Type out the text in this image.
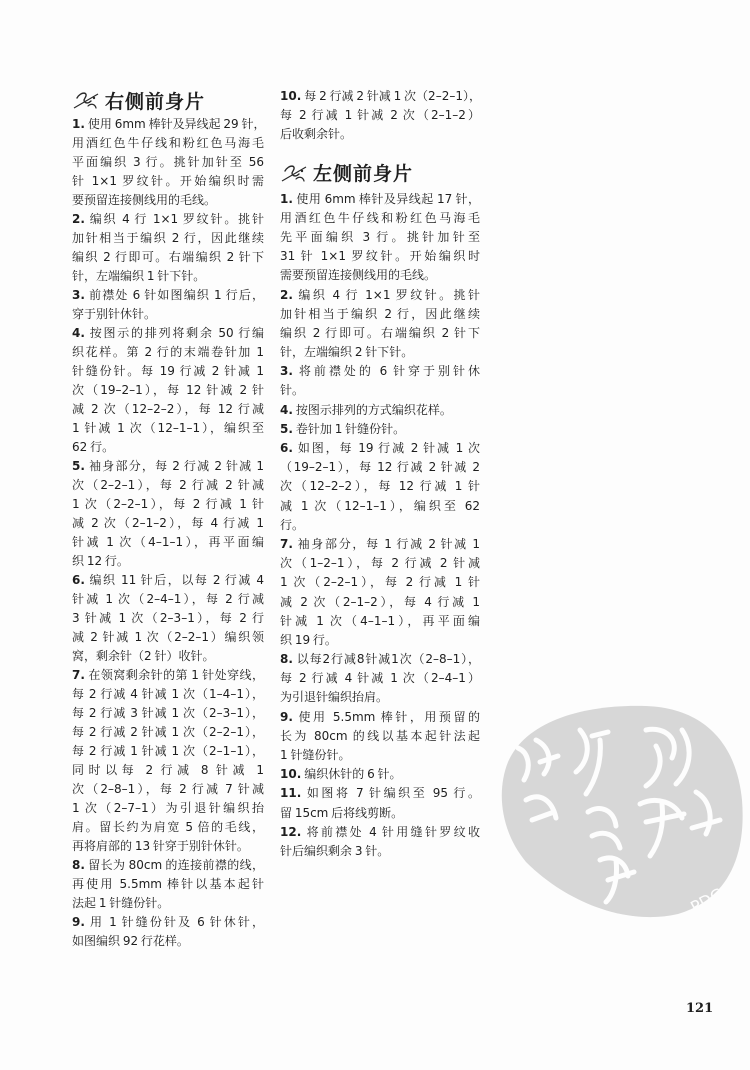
右侧前身片
1. 使用 6mm 棒针及异线起 29 针，
用酒红色牛仔线和粉红色马海毛
平面编织 3 行。挑针加针至 56
针 1×1 罗纹针。开始编织时需
要预留连接侧线用的毛线。
2. 编织 4 行 1×1 罗纹针。挑针
加针相当于编织 2 行，因此继续
编织 2 行即可。右端编织 2 针下
针，左端编织 1 针下针。
3. 前襟处 6 针如图编织 1 行后，
穿于别针休针。
4. 按图示的排列将剩余 50 行编
织花样。第 2 行的末端卷针加 1
针缝份针。每 19 行减 2 针减 1
次（19–2–1），每 12 针减 2 针
减 2 次（12–2–2），每 12 行减
1 针减 1 次（12–1–1），编织至
62 行。
5. 袖身部分，每 2 行减 2 针减 1
次（2–2–1），每 2 行减 2 针减
1 次（2–2–1），每 2 行减 1 针
减 2 次（2–1–2），每 4 行减 1
针减 1 次（4–1–1），再平面编
织 12 行。
6. 编织 11 针后，以每 2 行减 4
针减 1 次（2–4–1），每 2 行减
3 针减 1 次（2–3–1），每 2 行
减 2 针减 1 次（2–2–1）编织领
窝，剩余针（2 针）收针。
7. 在领窝剩余针的第 1 针处穿线，
每 2 行减 4 针减 1 次（1–4–1），
每 2 行减 3 针减 1 次（2–3–1），
每 2 行减 2 针减 1 次（2–2–1），
每 2 行减 1 针减 1 次（2–1–1），
同时以每 2 行减 8 针减 1
次（2–8–1），每 2 行减 7 针减
1 次（2–7–1）为引退针编织抬
肩。留长约为肩宽 5 倍的毛线，
再将肩部的 13 针穿于别针休针。
8. 留长为 80cm 的连接前襟的线，
再使用 5.5mm 棒针以基本起针
法起 1 针缝份针。
9. 用 1 针缝份针及 6 针休针，
如图编织 92 行花样。
10. 每 2 行减 2 针减 1 次（2–2–1），
每 2 行减 1 针减 2 次（2–1–2）
后收剩余针。
左侧前身片
1. 使用 6mm 棒针及异线起 17 针，
用酒红色牛仔线和粉红色马海毛
先平面编织 3 行。挑针加针至
31 针 1×1 罗纹针。开始编织时
需要预留连接侧线用的毛线。
2. 编织 4 行 1×1 罗纹针。挑针
加针相当于编织 2 行，因此继续
编织 2 行即可。右端编织 2 针下
针，左端编织 2 针下针。
3. 将前襟处的 6 针穿于别针休
针。
4. 按图示排列的方式编织花样。
5. 卷针加 1 针缝份针。
6. 如图，每 19 行减 2 针减 1 次
（19–2–1），每 12 行减 2 针减 2
次（12–2–2），每 12 行减 1 针
减 1 次（12–1–1），编织至 62
行。
7. 袖身部分，每 1 行减 2 针减 1
次（1–2–1），每 2 行减 2 针减
1 次（2–2–1），每 2 行减 1 针
减 2 次（2–1–2），每 4 行减 1
针减 1 次（4–1–1），再平面编
织 19 行。
8. 以每2行减8针减1次（2–8–1），
每 2 行减 4 针减 1 次（2–4–1）
为引退针编织抬肩。
9. 使用 5.5mm 棒针，用预留的
长为 80cm 的线以基本起针法起
1 针缝份针。
10. 编织休针的 6 针。
11. 如图将 7 针编织至 95 行。
留 15cm 后将线剪断。
12. 将前襟处 4 针用缝针罗纹收
针后编织剩余 3 针。
PDG
121
